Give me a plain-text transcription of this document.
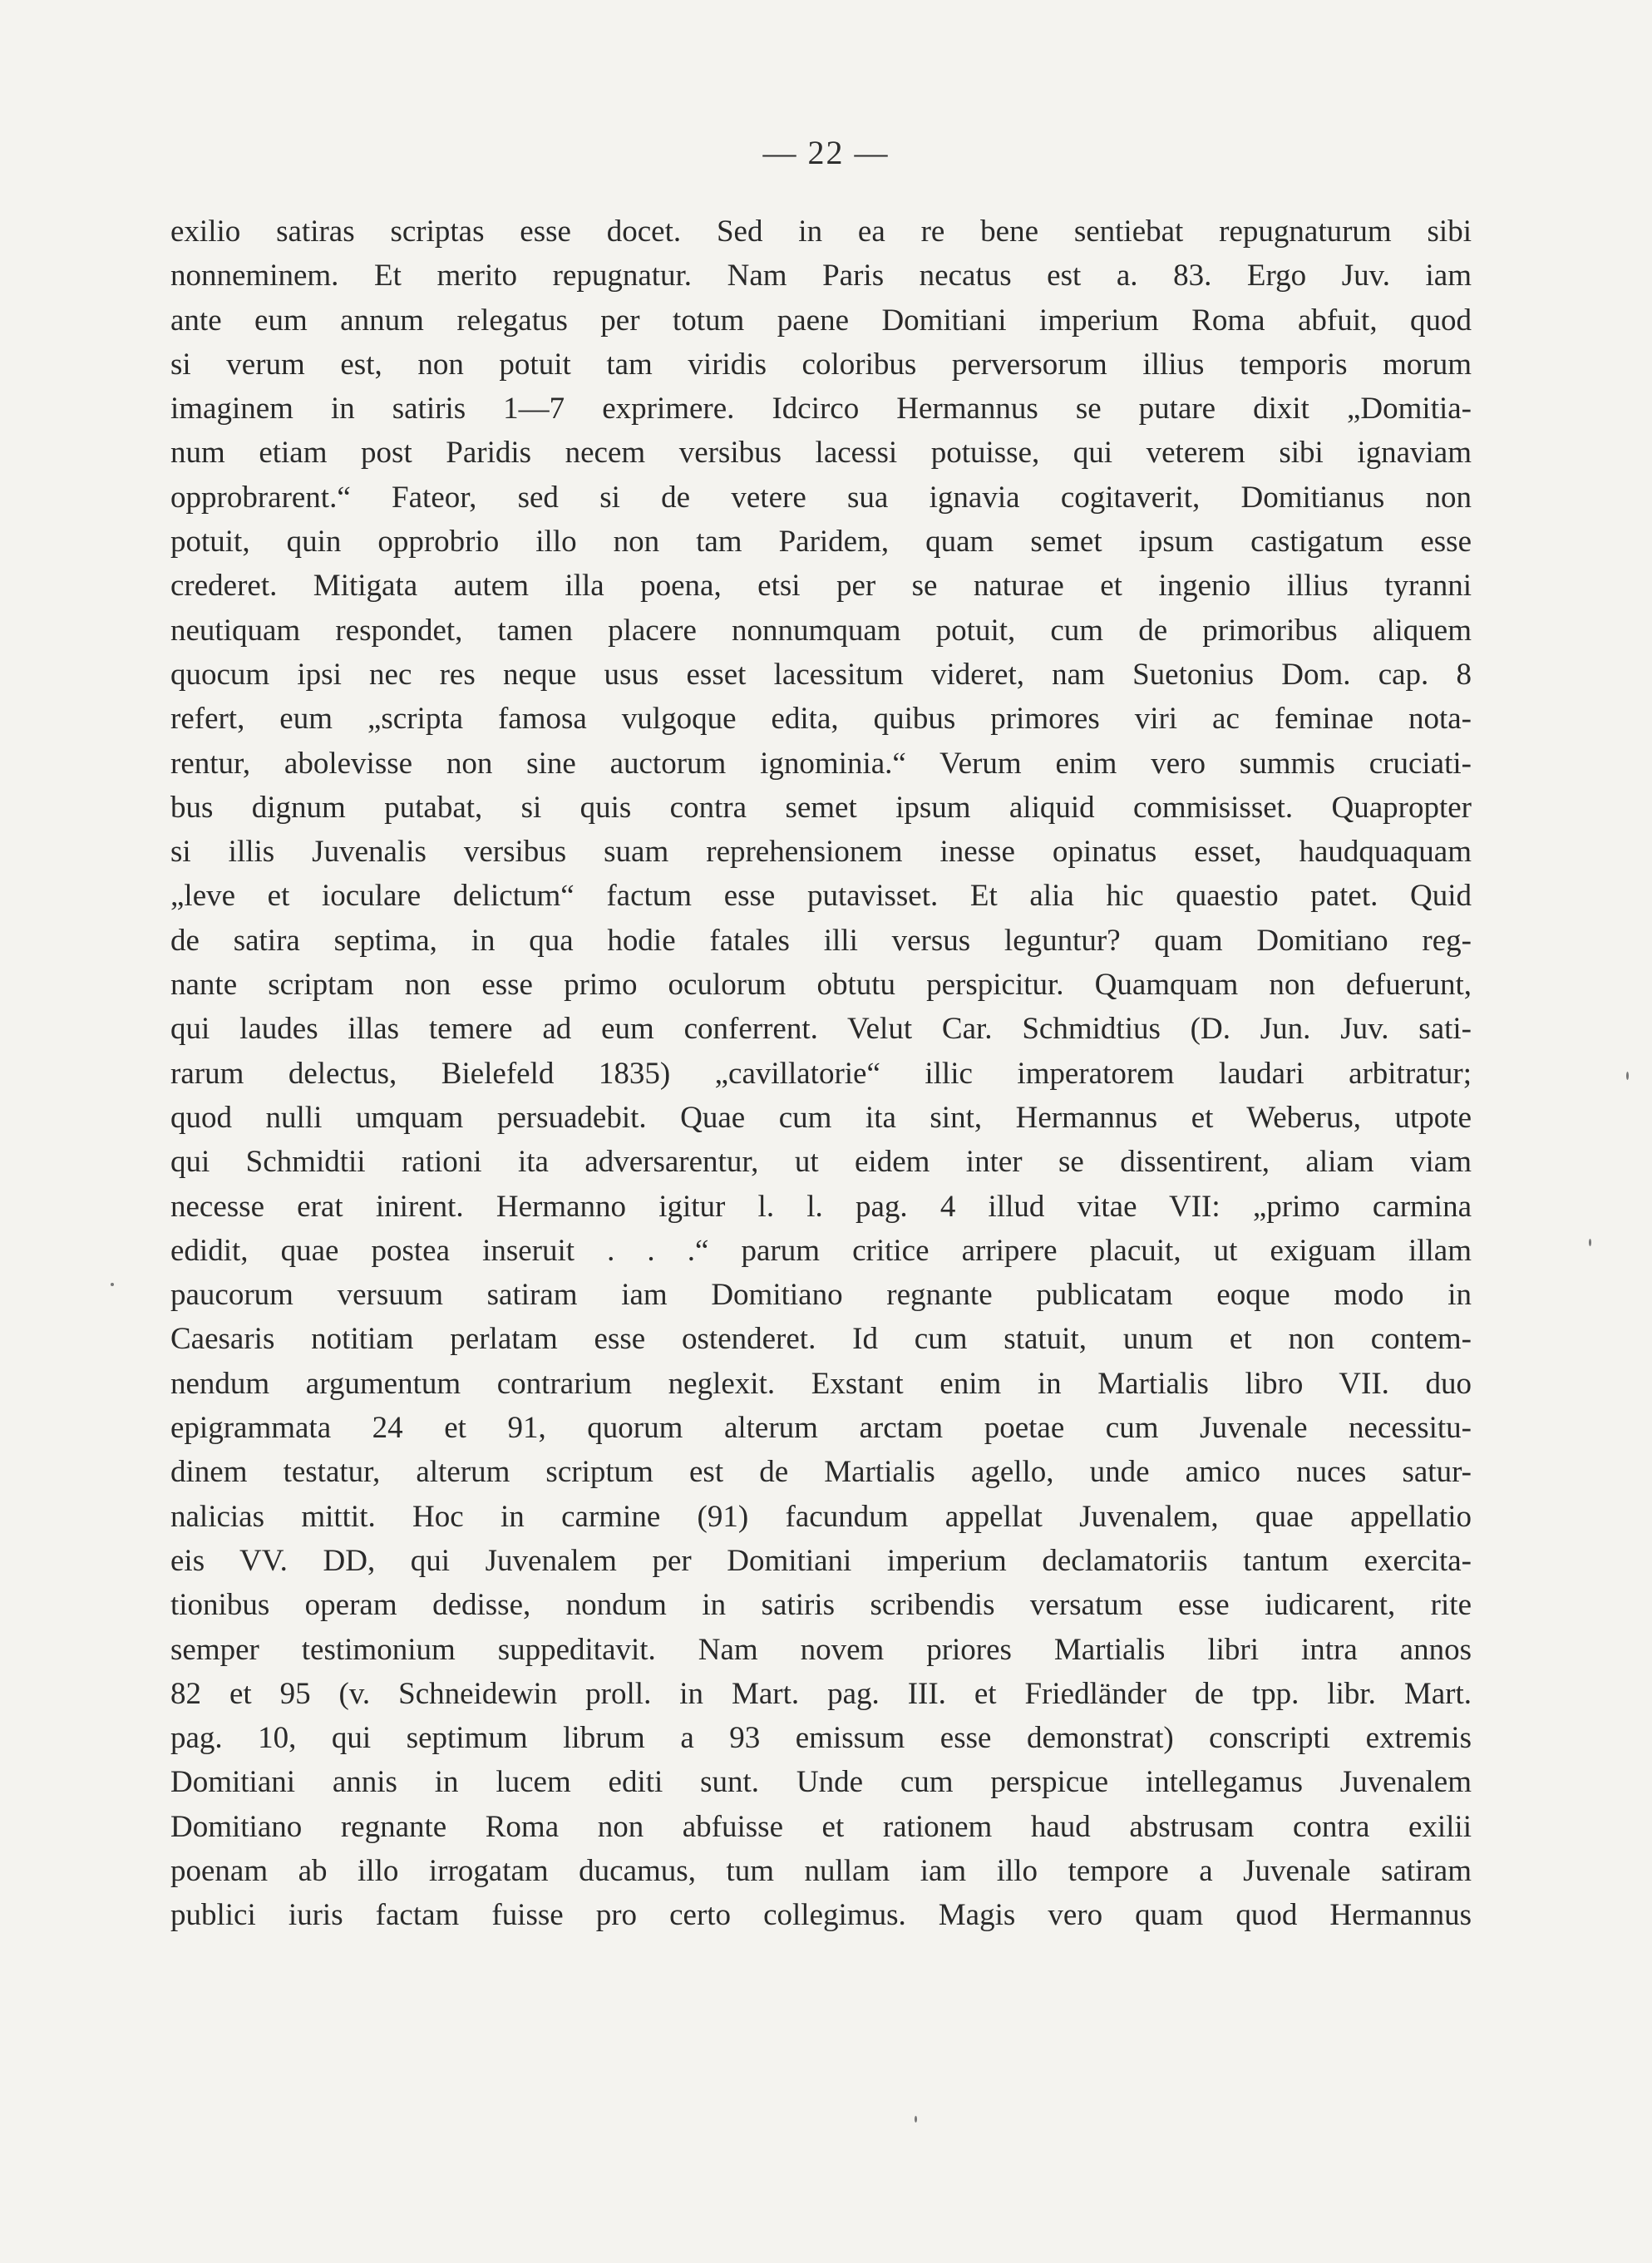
— 22 —
exilio satiras scriptas esse docet. Sed in ea re bene sentiebat repugnaturum sibi
nonneminem. Et merito repugnatur. Nam Paris necatus est a. 83. Ergo Juv. iam
ante eum annum relegatus per totum paene Domitiani imperium Roma abfuit, quod
si verum est, non potuit tam viridis coloribus perversorum illius temporis morum
imaginem in satiris 1—7 exprimere. Idcirco Hermannus se putare dixit „Domitia-
num etiam post Paridis necem versibus lacessi potuisse, qui veterem sibi ignaviam
opprobrarent.“ Fateor, sed si de vetere sua ignavia cogitaverit, Domitianus non
potuit, quin opprobrio illo non tam Paridem, quam semet ipsum castigatum esse
crederet. Mitigata autem illa poena, etsi per se naturae et ingenio illius tyranni
neutiquam respondet, tamen placere nonnumquam potuit, cum de primoribus aliquem
quocum ipsi nec res neque usus esset lacessitum videret, nam Suetonius Dom. cap. 8
refert, eum „scripta famosa vulgoque edita, quibus primores viri ac feminae nota-
rentur, abolevisse non sine auctorum ignominia.“ Verum enim vero summis cruciati-
bus dignum putabat, si quis contra semet ipsum aliquid commisisset. Quapropter
si illis Juvenalis versibus suam reprehensionem inesse opinatus esset, haudquaquam
„leve et ioculare delictum“ factum esse putavisset. Et alia hic quaestio patet. Quid
de satira septima, in qua hodie fatales illi versus leguntur? quam Domitiano reg-
nante scriptam non esse primo oculorum obtutu perspicitur. Quamquam non defuerunt,
qui laudes illas temere ad eum conferrent. Velut Car. Schmidtius (D. Jun. Juv. sati-
rarum delectus, Bielefeld 1835) „cavillatorie“ illic imperatorem laudari arbitratur;
quod nulli umquam persuadebit. Quae cum ita sint, Hermannus et Weberus, utpote
qui Schmidtii rationi ita adversarentur, ut eidem inter se dissentirent, aliam viam
necesse erat inirent. Hermanno igitur l. l. pag. 4 illud vitae VII: „primo carmina
edidit, quae postea inseruit . . .“ parum critice arripere placuit, ut exiguam illam
paucorum versuum satiram iam Domitiano regnante publicatam eoque modo in
Caesaris notitiam perlatam esse ostenderet. Id cum statuit, unum et non contem-
nendum argumentum contrarium neglexit. Exstant enim in Martialis libro VII. duo
epigrammata 24 et 91, quorum alterum arctam poetae cum Juvenale necessitu-
dinem testatur, alterum scriptum est de Martialis agello, unde amico nuces satur-
nalicias mittit. Hoc in carmine (91) facundum appellat Juvenalem, quae appellatio
eis VV. DD, qui Juvenalem per Domitiani imperium declamatoriis tantum exercita-
tionibus operam dedisse, nondum in satiris scribendis versatum esse iudicarent, rite
semper testimonium suppeditavit. Nam novem priores Martialis libri intra annos
82 et 95 (v. Schneidewin proll. in Mart. pag. III. et Friedländer de tpp. libr. Mart.
pag. 10, qui septimum librum a 93 emissum esse demonstrat) conscripti extremis
Domitiani annis in lucem editi sunt. Unde cum perspicue intellegamus Juvenalem
Domitiano regnante Roma non abfuisse et rationem haud abstrusam contra exilii
poenam ab illo irrogatam ducamus, tum nullam iam illo tempore a Juvenale satiram
publici iuris factam fuisse pro certo collegimus. Magis vero quam quod Hermannus
